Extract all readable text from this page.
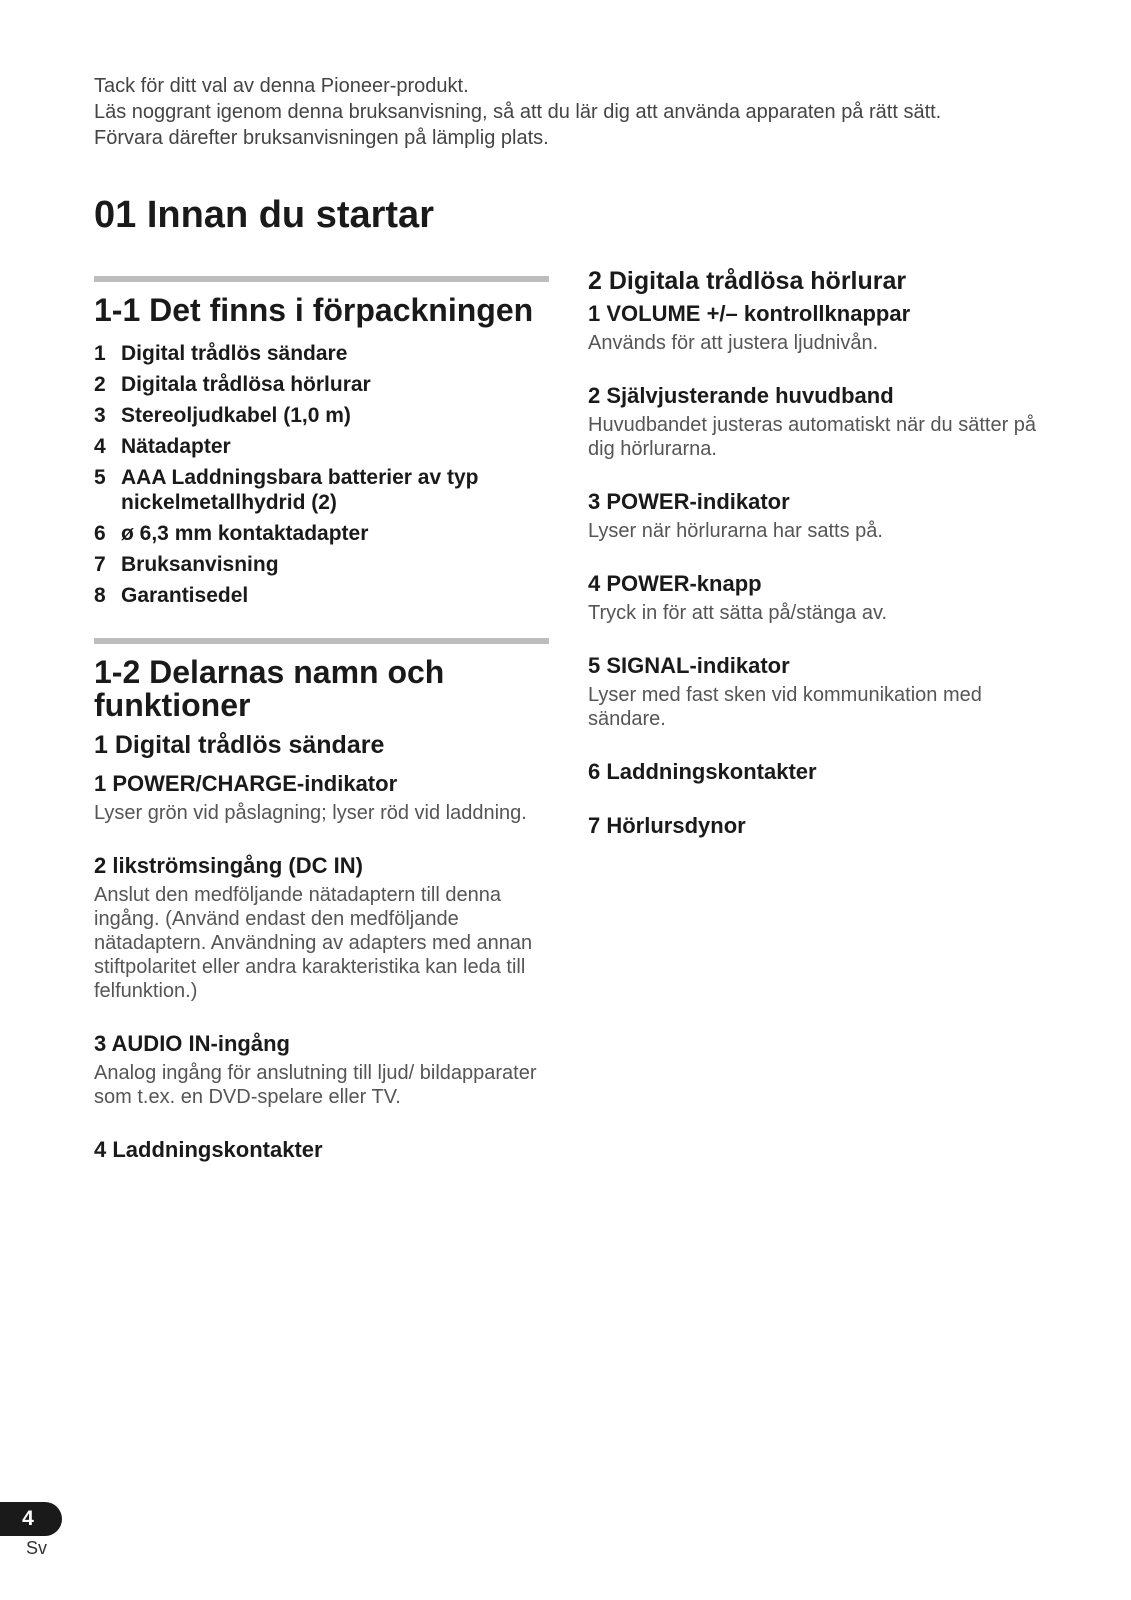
Tack för ditt val av denna Pioneer-produkt.

Läs noggrant igenom denna bruksanvisning, så att du lär dig att använda apparaten på rätt sätt.

Förvara därefter bruksanvisningen på lämplig plats.

01 Innan du startar
1-1 Det finns i förpackningen
1 Digital trådlös sändare
2 Digitala trådlösa hörlurar
3 Stereoljudkabel (1,0 m)
4 Nätadapter
5 AAA Laddningsbara batterier av typ nickelmetallhydrid (2)
6 ø 6,3 mm kontaktadapter
7 Bruksanvisning
8 Garantisedel
1-2 Delarnas namn och funktioner
1 Digital trådlös sändare

1 POWER/CHARGE-indikator

Lyser grön vid påslagning; lyser röd vid laddning.

2 likströmsingång (DC IN)

Anslut den medföljande nätadaptern till denna ingång. (Använd endast den medföljande nätadaptern. Användning av adapters med annan stiftpolaritet eller andra karakteristika kan leda till felfunktion.)

3 AUDIO IN-ingång

Analog ingång för anslutning till ljud/ bildapparater som t.ex. en DVD-spelare eller TV.

4 Laddningskontakter

2 Digitala trådlösa hörlurar

1 VOLUME +/– kontrollknappar

Används för att justera ljudnivån.

2 Självjusterande huvudband

Huvudbandet justeras automatiskt när du sätter på dig hörlurarna.

3 POWER-indikator

Lyser när hörlurarna har satts på.

4 POWER-knapp

Tryck in för att sätta på/stänga av.

5 SIGNAL-indikator

Lyser med fast sken vid kommunikation med sändare.

6 Laddningskontakter

7 Hörlursdynor

4
Sv
